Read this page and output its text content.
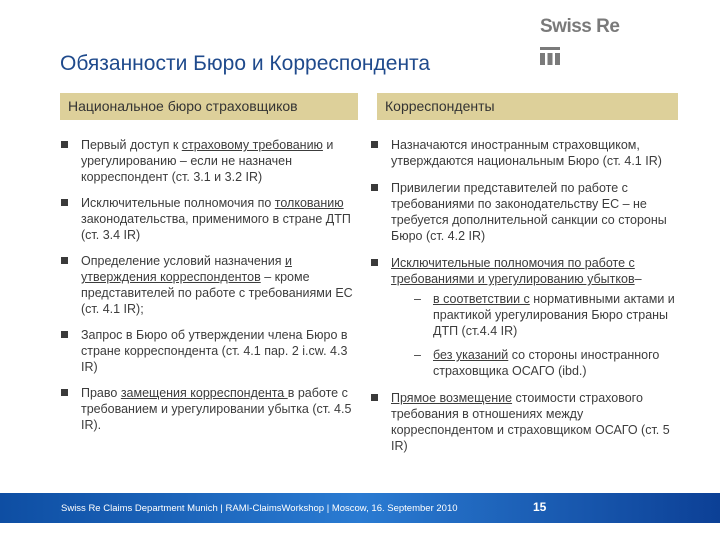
Swiss Re
Обязанности Бюро и Корреспондента
Национальное бюро страховщиков	Корреспонденты
Первый доступ к страховому требованию и урегулированию – если не назначен корреспондент (ст. 3.1 и 3.2 IR)
Исключительные полномочия по толкованию законодательства, применимого в стране ДТП (ст. 3.4 IR)
Определение условий назначения и утверждения корреспондентов – кроме представителей по работе с требованиями ЕС (ст. 4.1 IR);
Запрос в Бюро об утверждении члена Бюро в стране корреспондента (ст. 4.1 пар. 2 i.cw. 4.3 IR)
Право замещения корреспондента в работе с требованием и урегулировании убытка (ст. 4.5 IR).
Назначаются иностранным страховщиком, утверждаются национальным Бюро (ст. 4.1 IR)
Привилегии представителей по работе с требованиями по законодательству ЕС – не требуется дополнительной санкции со стороны Бюро (ст. 4.2 IR)
Исключительные полномочия по работе с требованиями и урегулированию убытков–
– в соответствии с нормативными актами и практикой урегулирования Бюро страны ДТП (ст.4.4 IR)
– без указаний со стороны иностранного страховщика ОСАГО (ibd.)
Прямое возмещение стоимости страхового требования в отношениях между корреспондентом и страховщиком ОСАГО (ст. 5 IR)
Swiss Re Claims Department Munich | RAMI-ClaimsWorkshop | Moscow, 16. September 2010	15
